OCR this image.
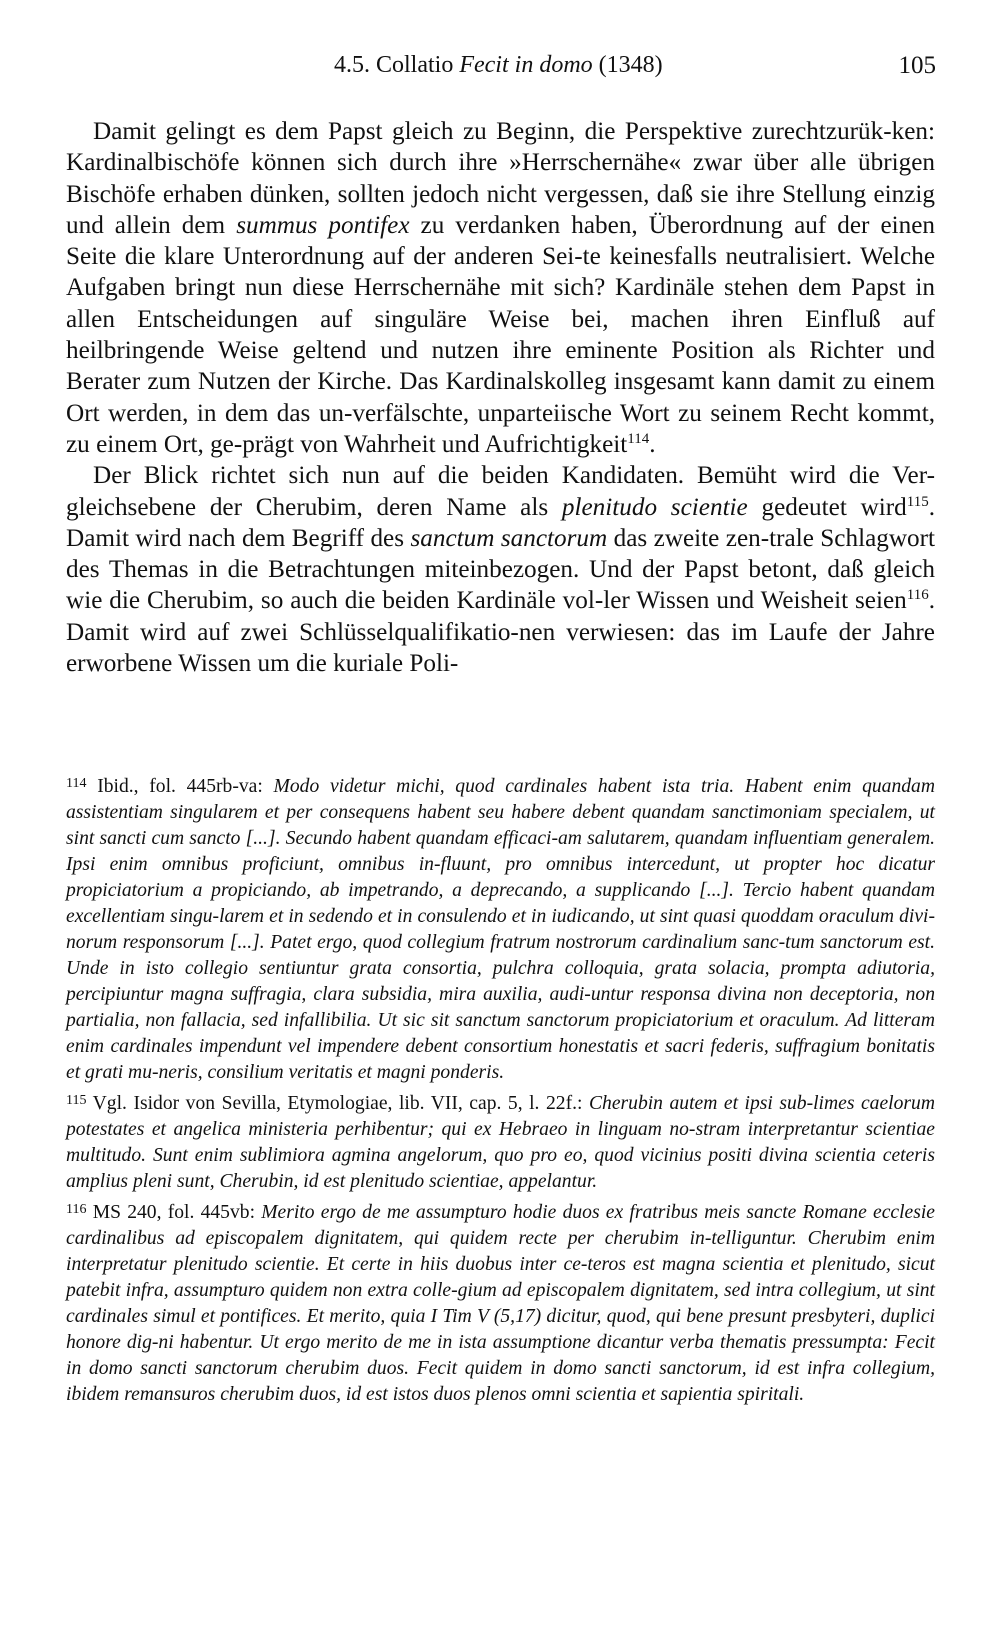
4.5. Collatio Fecit in domo (1348)	105

Damit gelingt es dem Papst gleich zu Beginn, die Perspektive zurechtzurük-ken: Kardinalbischöfe können sich durch ihre »Herrschernähe« zwar über alle übrigen Bischöfe erhaben dünken, sollten jedoch nicht vergessen, daß sie ihre Stellung einzig und allein dem summus pontifex zu verdanken haben, Überordnung auf der einen Seite die klare Unterordnung auf der anderen Sei-te keinesfalls neutralisiert. Welche Aufgaben bringt nun diese Herrschernähe mit sich? Kardinäle stehen dem Papst in allen Entscheidungen auf singuläre Weise bei, machen ihren Einfluß auf heilbringende Weise geltend und nutzen ihre eminente Position als Richter und Berater zum Nutzen der Kirche. Das Kardinalskolleg insgesamt kann damit zu einem Ort werden, in dem das un-verfälschte, unparteiische Wort zu seinem Recht kommt, zu einem Ort, ge-prägt von Wahrheit und Aufrichtigkeit$^{114}$.

Der Blick richtet sich nun auf die beiden Kandidaten. Bemüht wird die Ver-gleichsebene der Cherubim, deren Name als plenitudo scientie gedeutet wird$^{115}$. Damit wird nach dem Begriff des sanctum sanctorum das zweite zen-trale Schlagwort des Themas in die Betrachtungen miteinbezogen. Und der Papst betont, daß gleich wie die Cherubim, so auch die beiden Kardinäle vol-ler Wissen und Weisheit seien$^{116}$. Damit wird auf zwei Schlüsselqualifikatio-nen verwiesen: das im Laufe der Jahre erworbene Wissen um die kuriale Poli-

$^{114}$ Ibid., fol. 445rb-va: Modo videtur michi, quod cardinales habent ista tria. Habent enim quandam assistentiam singularem et per consequens habent seu habere debent quandam sanctimoniam specialem, ut sint sancti cum sancto [...]. Secundo habent quandam efficaci-am salutarem, quandam influentiam generalem. Ipsi enim omnibus proficiunt, omnibus in-fluunt, pro omnibus intercedunt, ut propter hoc dicatur propiciatorium a propiciando, ab impetrando, a deprecando, a supplicando [...]. Tercio habent quandam excellentiam singu-larem et in sedendo et in consulendo et in iudicando, ut sint quasi quoddam oraculum divi-norum responsorum [...]. Patet ergo, quod collegium fratrum nostrorum cardinalium sanc-tum sanctorum est. Unde in isto collegio sentiuntur grata consortia, pulchra colloquia, grata solacia, prompta adiutoria, percipiuntur magna suffragia, clara subsidia, mira auxilia, audi-untur responsa divina non deceptoria, non partialia, non fallacia, sed infallibilia. Ut sic sit sanctum sanctorum propiciatorium et oraculum. Ad litteram enim cardinales impendunt vel impendere debent consortium honestatis et sacri federis, suffragium bonitatis et grati mu-neris, consilium veritatis et magni ponderis.

$^{115}$ Vgl. Isidor von Sevilla, Etymologiae, lib. VII, cap. 5, l. 22f.: Cherubin autem et ipsi sub-limes caelorum potestates et angelica ministeria perhibentur; qui ex Hebraeo in linguam no-stram interpretantur scientiae multitudo. Sunt enim sublimiora agmina angelorum, quo pro eo, quod vicinius positi divina scientia ceteris amplius pleni sunt, Cherubin, id est plenitudo scientiae, appelantur.

$^{116}$ MS 240, fol. 445vb: Merito ergo de me assumpturo hodie duos ex fratribus meis sancte Romane ecclesie cardinalibus ad episcopalem dignitatem, qui quidem recte per cherubim in-telliguntur. Cherubim enim interpretatur plenitudo scientie. Et certe in hiis duobus inter ce-teros est magna scientia et plenitudo, sicut patebit infra, assumpturo quidem non extra colle-gium ad episcopalem dignitatem, sed intra collegium, ut sint cardinales simul et pontifices. Et merito, quia I Tim V (5,17) dicitur, quod, qui bene presunt presbyteri, duplici honore dig-ni habentur. Ut ergo merito de me in ista assumptione dicantur verba thematis pressumpta: Fecit in domo sancti sanctorum cherubim duos. Fecit quidem in domo sancti sanctorum, id est infra collegium, ibidem remansuros cherubim duos, id est istos duos plenos omni scientia et sapientia spiritali.
